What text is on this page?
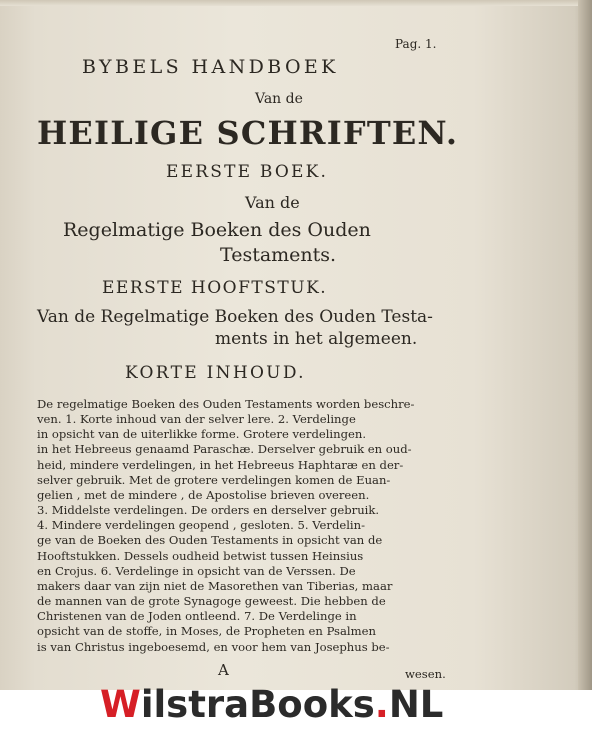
Pag. 1.
BYBELS HANDBOEK
Van de
HEILIGE SCHRIFTEN.
EERSTE BOEK.
Van de
Regelmatige Boeken des Ouden
Testaments.
EERSTE HOOFTSTUK.
Van de Regelmatige Boeken des Ouden Testa-
ments in het algemeen.
KORTE INHOUD.
De regelmatige Boeken des Ouden Testaments worden beschre-
ven. 1. Korte inhoud van der selver lere. 2. Verdelinge
in opsicht van de uiterlikke forme. Grotere verdelingen.
in het Hebreeus genaamd Paraschæ. Derselver gebruik en oud-
heid, mindere verdelingen, in het Hebreeus Haphtaræ en der-
selver gebruik. Met de grotere verdelingen komen de Euan-
gelien , met de mindere , de Apostolise brieven overeen.
3. Middelste verdelingen. De orders en derselver gebruik.
4. Mindere verdelingen geopend , gesloten. 5. Verdelin-
ge van de Boeken des Ouden Testaments in opsicht van de
Hooftstukken. Dessels oudheid betwist tussen Heinsius
en Crojus. 6. Verdelinge in opsicht van de Verssen. De
makers daar van zijn niet de Masorethen van Tiberias, maar
de mannen van de grote Synagoge geweest. Die hebben de
Christenen van de Joden ontleend. 7. De Verdelinge in
opsicht van de stoffe, in Moses, de Propheten en Psalmen
is van Christus ingeboesemd, en voor hem van Josephus be-
A	wesen.
WilstraBooks.NL
